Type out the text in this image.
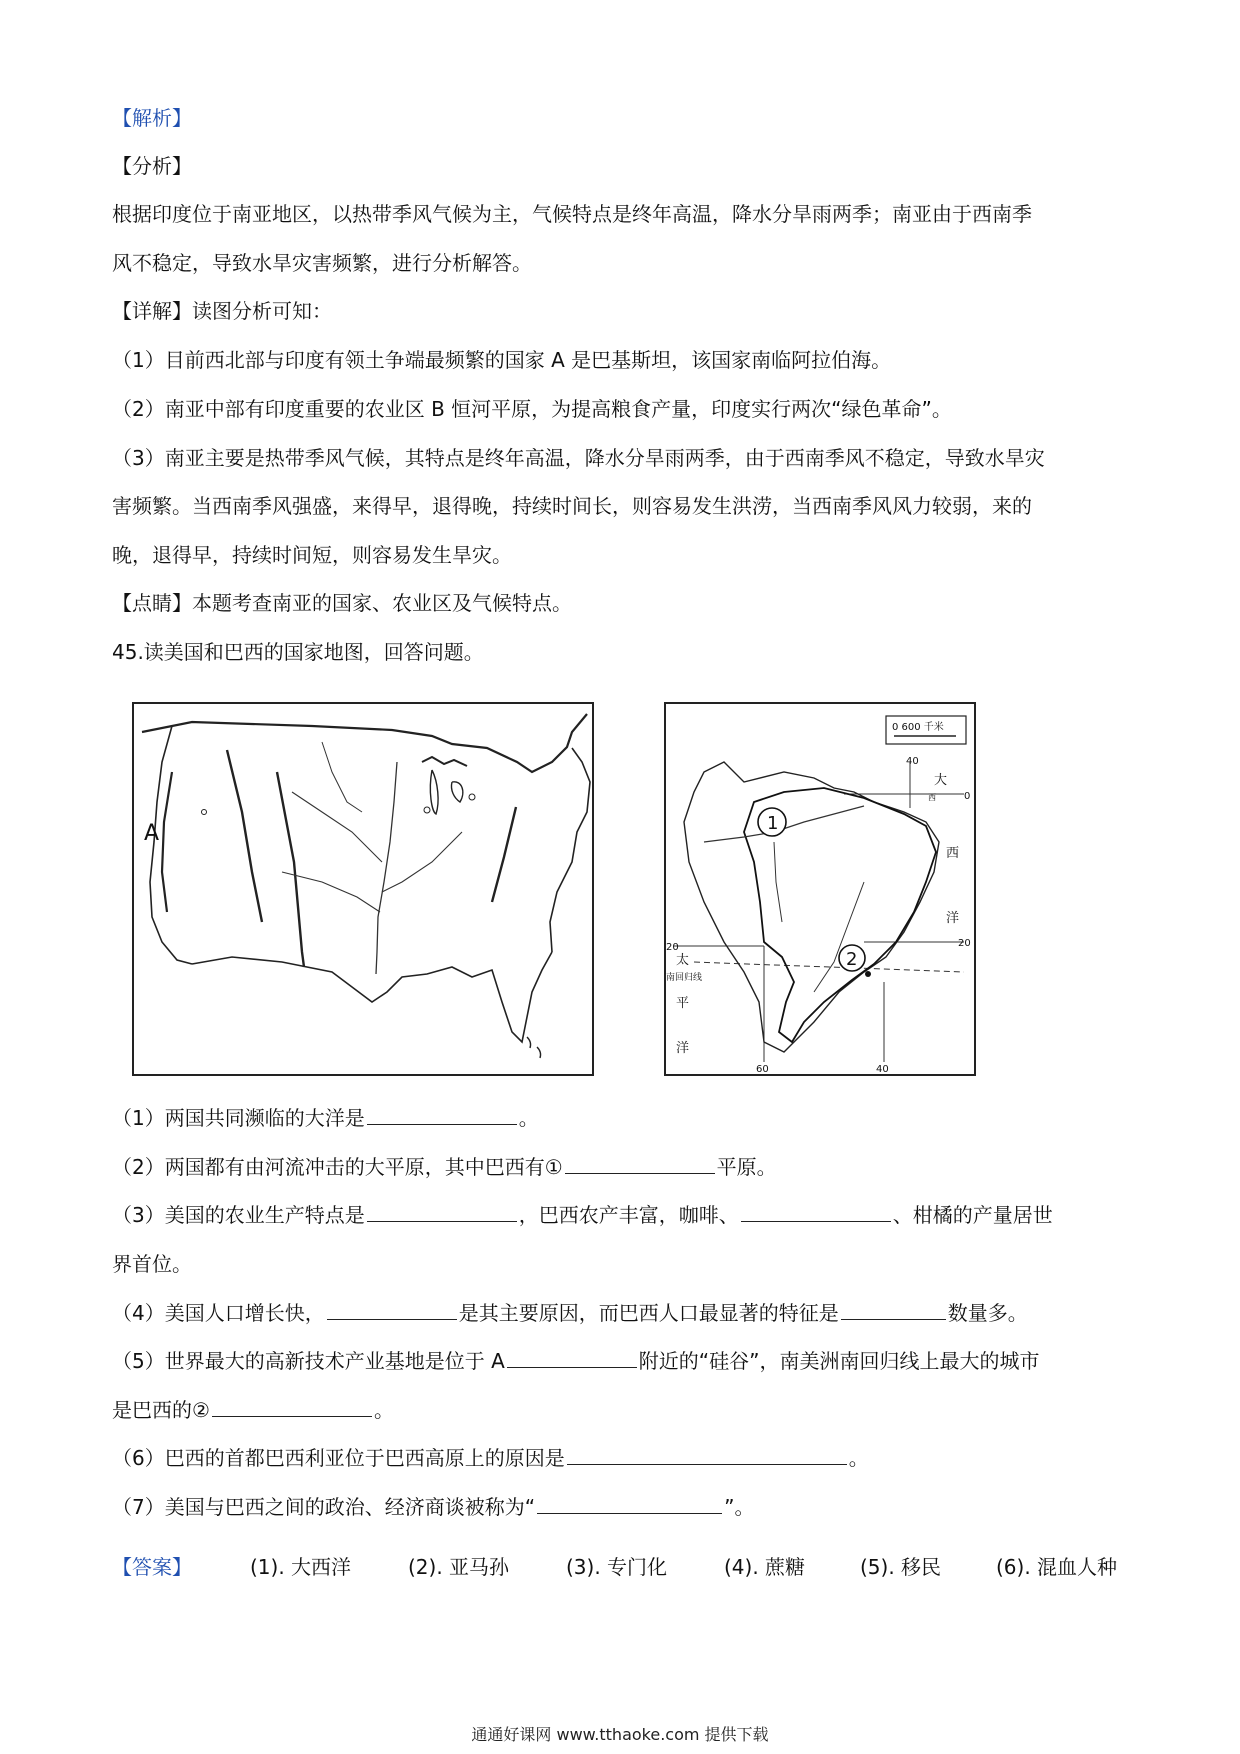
【解析】
【分析】
根据印度位于南亚地区，以热带季风气候为主，气候特点是终年高温，降水分旱雨两季；南亚由于西南季
风不稳定，导致水旱灾害频繁，进行分析解答。
【详解】读图分析可知：
（1）目前西北部与印度有领土争端最频繁的国家 A 是巴基斯坦，该国家南临阿拉伯海。
（2）南亚中部有印度重要的农业区 B 恒河平原，为提高粮食产量，印度实行两次“绿色革命”。
（3）南亚主要是热带季风气候，其特点是终年高温，降水分旱雨两季，由于西南季风不稳定，导致水旱灾
害频繁。当西南季风强盛，来得早，退得晚，持续时间长，则容易发生洪涝，当西南季风风力较弱，来的
晚，退得早，持续时间短，则容易发生旱灾。
【点睛】本题考查南亚的国家、农业区及气候特点。
45.读美国和巴西的国家地图，回答问题。
A
0 600 千米
1
2
40
60	40
0
20	20
南回归线
大
西
西
洋
太
平
洋
（1）两国共同濒临的大洋是	。
（2）两国都有由河流冲击的大平原，其中巴西有①	平原。
（3）美国的农业生产特点是	，巴西农产丰富，咖啡、	、柑橘的产量居世
界首位。
（4）美国人口增长快，	是其主要原因，而巴西人口最显著的特征是	数量多。
（5）世界最大的高新技术产业基地是位于 A	附近的“硅谷”，南美洲南回归线上最大的城市
是巴西的②	。
（6）巴西的首都巴西利亚位于巴西高原上的原因是	。
（7）美国与巴西之间的政治、经济商谈被称为“	”。
【答案】	(1). 大西洋	(2). 亚马孙	(3). 专门化	(4). 蔗糖	(5). 移民	(6). 混血人种
通通好课网 www.tthaoke.com 提供下载
